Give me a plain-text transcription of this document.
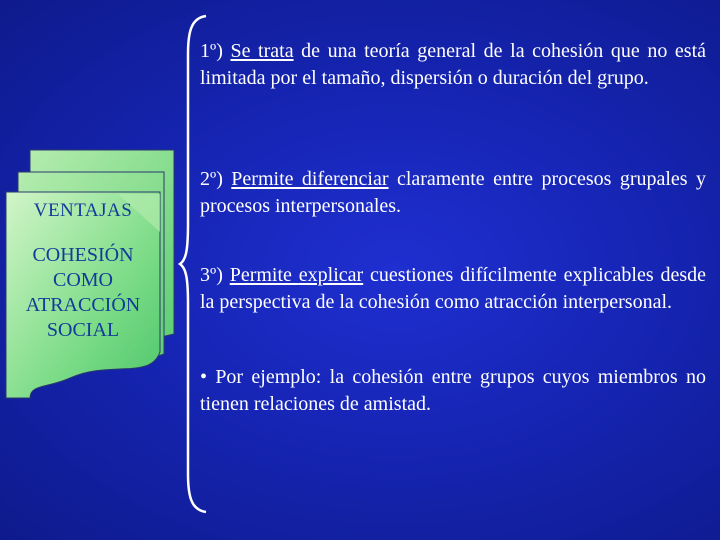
VENTAJAS
COHESIÓN
COMO
ATRACCIÓN
SOCIAL
1º) Se trata de una teoría general de la cohesión que no está limitada por el tamaño, dispersión o duración del grupo.
2º) Permite diferenciar claramente entre procesos grupales y procesos interpersonales.
3º) Permite explicar cuestiones difícilmente explicables desde la perspectiva de la cohesión como atracción interpersonal.
• Por ejemplo: la cohesión entre grupos cuyos miembros no tienen relaciones de amistad.
